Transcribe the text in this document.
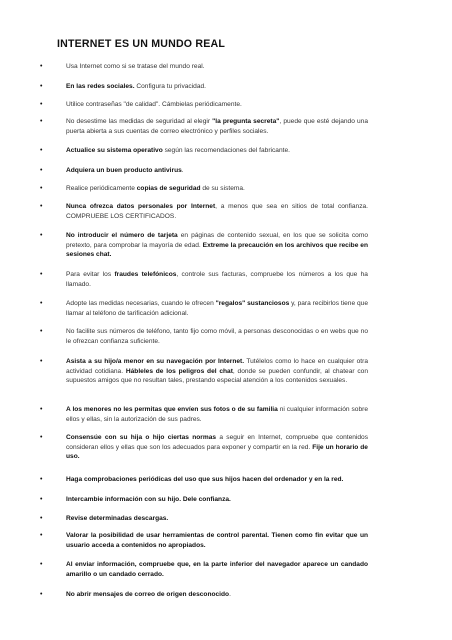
INTERNET ES UN MUNDO REAL
•	Usa Internet como si se tratase del mundo real.
•	En las redes sociales. Configura tu privacidad.
•	Utilice contraseñas "de calidad". Cámbielas periódicamente.
•	No desestime las medidas de seguridad al elegir "la pregunta secreta", puede que esté dejando una puerta abierta a sus cuentas de correo electrónico y perfiles sociales.
•	Actualice su sistema operativo según las recomendaciones del fabricante.
•	Adquiera un buen producto antivirus.
•	Realice periódicamente copias de seguridad de su sistema.
•	Nunca ofrezca datos personales por Internet, a menos que sea en sitios de total confianza. COMPRUEBE LOS CERTIFICADOS.
•	No introducir el número de tarjeta en páginas de contenido sexual, en los que se solicita como pretexto, para comprobar la mayoría de edad. Extreme la precaución en los archivos que recibe en sesiones chat.
•	Para evitar los fraudes telefónicos, controle sus facturas, compruebe los números a los que ha llamado.
•	Adopte las medidas necesarias, cuando le ofrecen "regalos" sustanciosos y, para recibirlos tiene que llamar al teléfono de tarificación adicional.
•	No facilite sus números de teléfono, tanto fijo como móvil, a personas desconocidas o en webs que no le ofrezcan confianza suficiente.
•	Asista a su hijo/a menor en su navegación por Internet. Tutélelos como lo hace en cualquier otra actividad cotidiana. Hábleles de los peligros del chat, donde se pueden confundir, al chatear con supuestos amigos que no resultan tales, prestando especial atención a los contenidos sexuales.
•	A los menores no les permitas que envíen sus fotos o de su familia ni cualquier información sobre ellos y ellas, sin la autorización de sus padres.
•	Consensúe con su hija o hijo ciertas normas a seguir en Internet, compruebe que contenidos consideran ellos y ellas que son los adecuados para exponer y compartir en la red. Fije un horario de uso.
•	Haga comprobaciones periódicas del uso que sus hijos hacen del ordenador y en la red.
•	Intercambie información con su hijo. Dele confianza.
•	Revise determinadas descargas.
•	Valorar la posibilidad de usar herramientas de control parental. Tienen como fin evitar que un usuario acceda a contenidos no apropiados.
•	Al enviar información, compruebe que, en la parte inferior del navegador aparece un candado amarillo o un candado cerrado.
•	No abrir mensajes de correo de origen desconocido.
